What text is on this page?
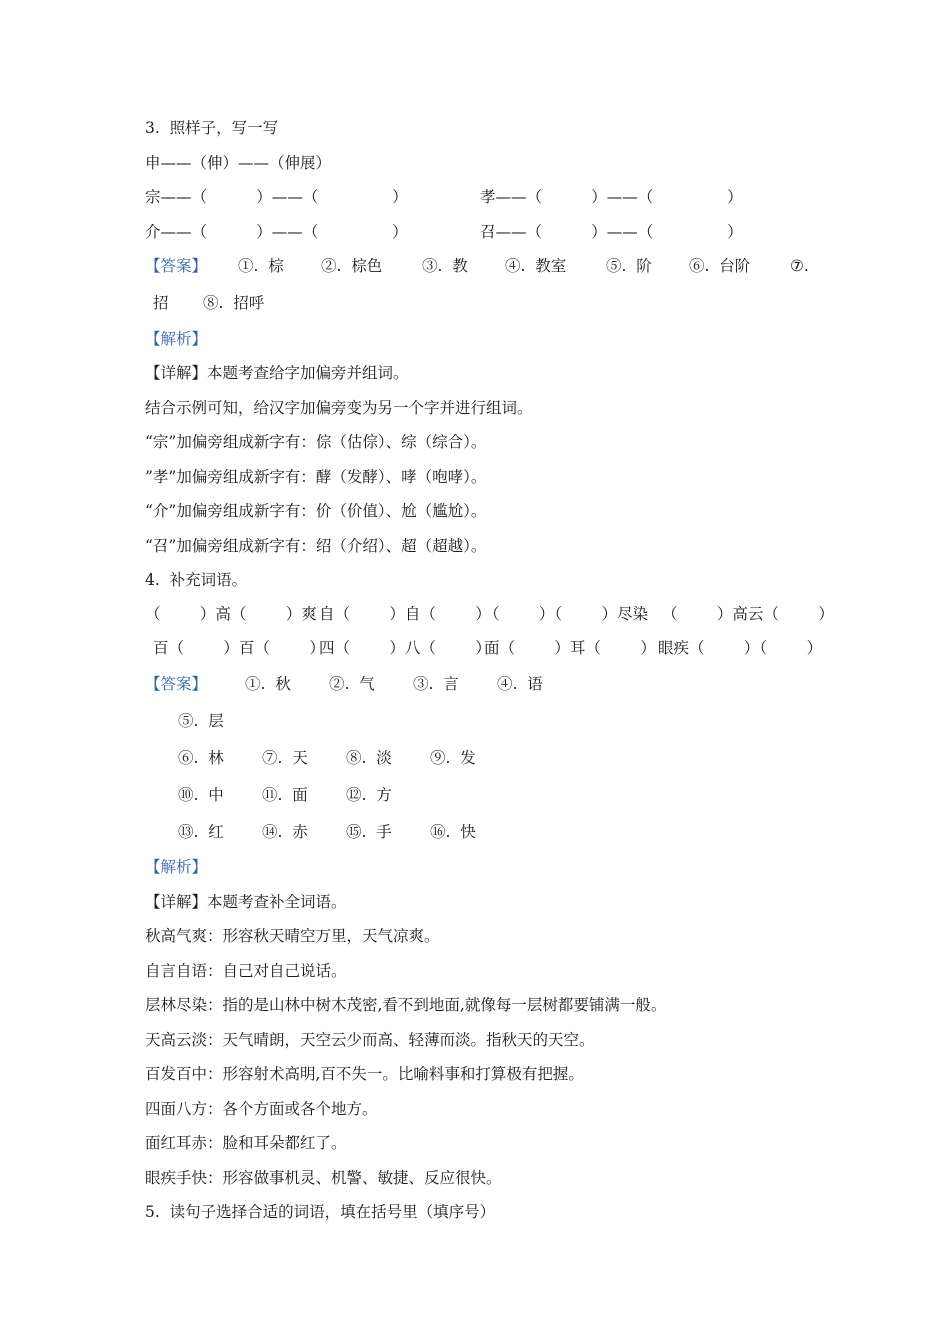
3.  照样子，写一写
申——（伸）——（伸展）
宗——（          ）——（               ）	孝——（          ）——（               ）
介——（          ）——（               ）	召——（          ）——（               ）
【答案】 ①.  棕 ②.  棕色	③.  教 ④.  教室	⑤.  阶 ⑥.  台阶	⑦.
招 ⑧.  招呼
【解析】
【详解】本题考查给字加偏旁并组词。
结合示例可知，给汉字加偏旁变为另一个字并进行组词。
“宗”加偏旁组成新字有：倧（估倧）、综（综合）。
”孝”加偏旁组成新字有：酵（发酵）、哮（咆哮）。
“介”加偏旁组成新字有：价（价值）、尬（尴尬）。
“召”加偏旁组成新字有：绍（介绍）、超（超越）。
4.  补充词语。
（        ）高（        ）爽 自（        ）自（        ）
（        ）（        ）尽染 （        ）高云（        ）
百（        ）百（        ）
四（        ）八（        ）
面（        ）耳（        ） 眼疾（        ）（        ）
【答案】 ①.  秋 ②.  气 ③.  言 ④.  语
⑤.  层
⑥.  林 ⑦.  天 ⑧.  淡 ⑨.  发
⑩.  中 ⑪.  面 ⑫.  方
⑬.  红 ⑭.  赤 ⑮.  手 ⑯.  快
【解析】
【详解】本题考查补全词语。
秋高气爽：形容秋天晴空万里，天气凉爽。
自言自语：自己对自己说话。
层林尽染：指的是山林中树木茂密,看不到地面,就像每一层树都要铺满一般。
天高云淡：天气晴朗，天空云少而高、轻薄而淡。指秋天的天空。
百发百中：形容射术高明,百不失一。比喻料事和打算极有把握。
四面八方：各个方面或各个地方。
面红耳赤：脸和耳朵都红了。
眼疾手快：形容做事机灵、机警、敏捷、反应很快。
5.  读句子选择合适的词语，填在括号里（填序号）
